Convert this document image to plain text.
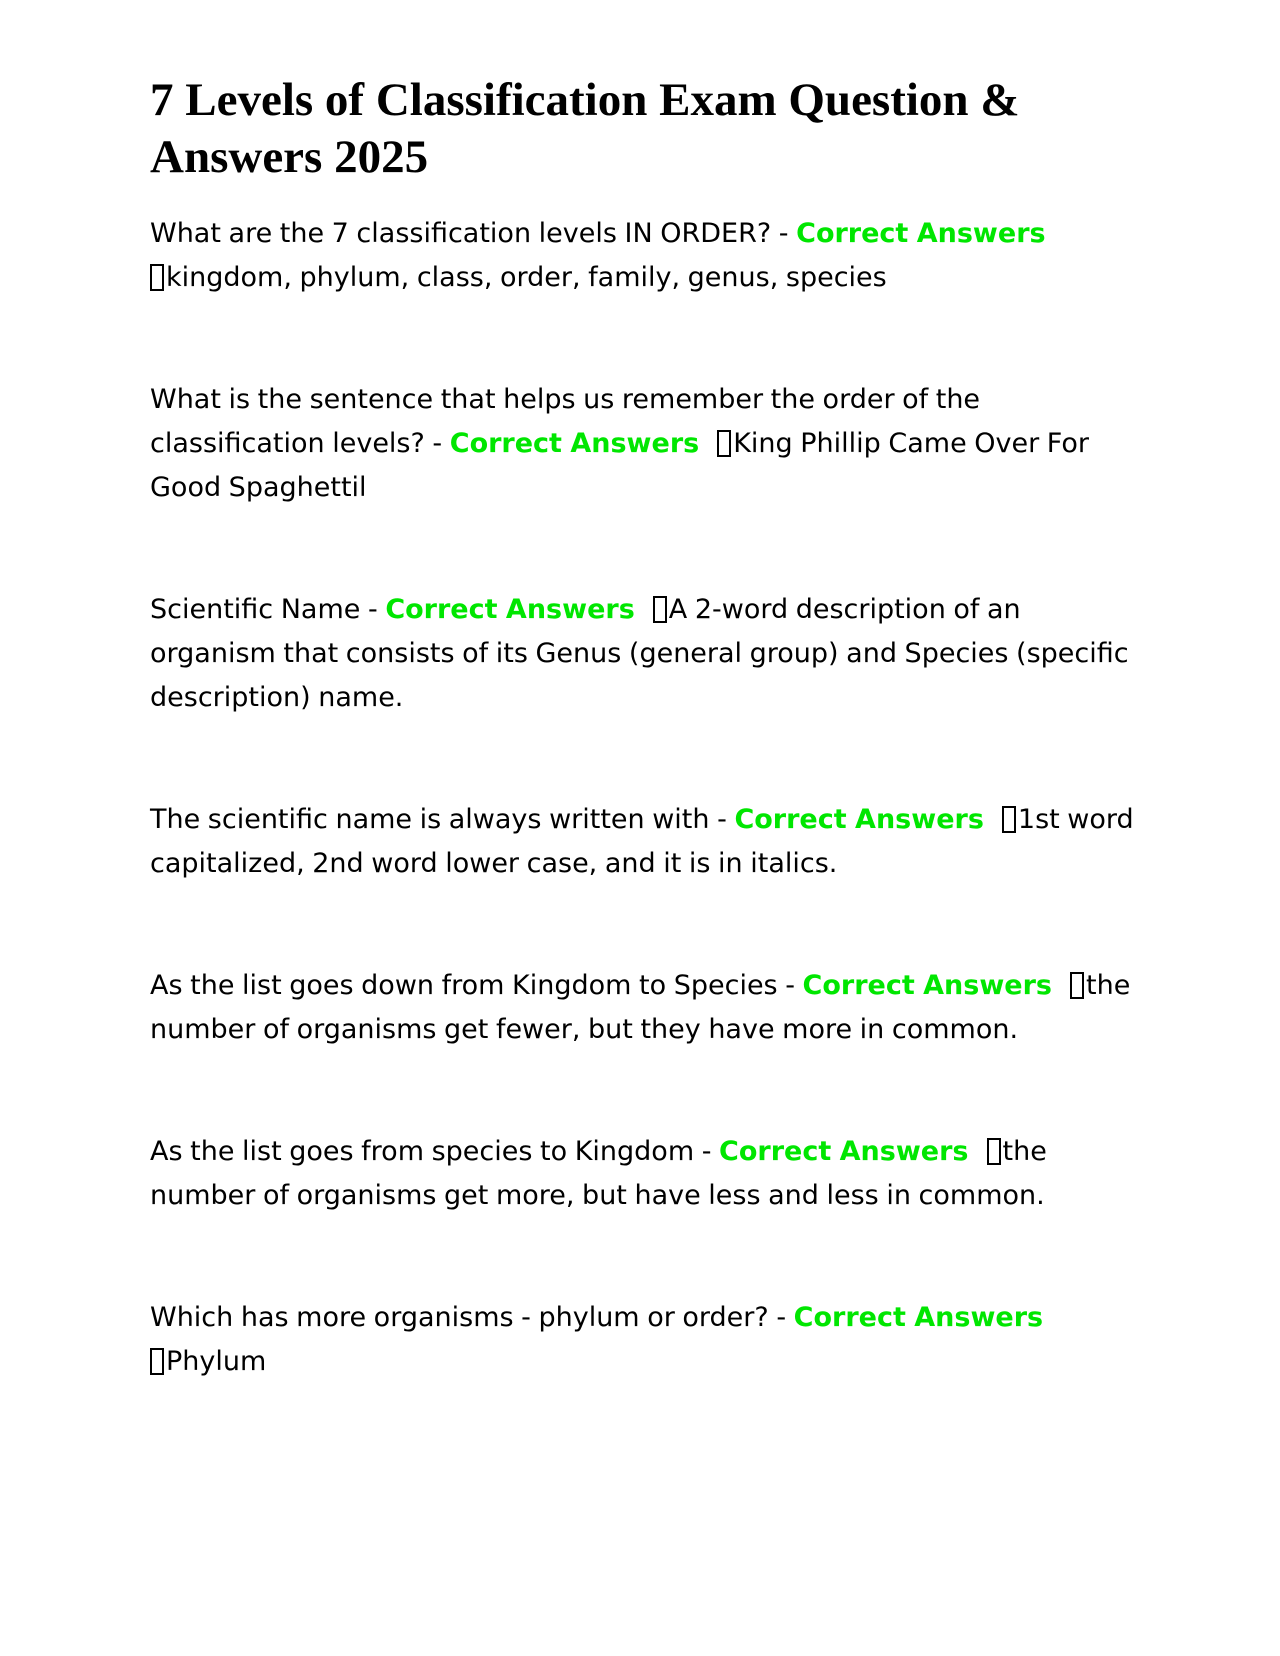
7 Levels of Classification Exam Question & Answers 2025

What are the 7 classification levels IN ORDER? - Correct Answers
kingdom, phylum, class, order, family, genus, species

What is the sentence that helps us remember the order of the classification levels? - Correct Answers King Phillip Came Over For Good Spaghettil

Scientific Name - Correct Answers A 2-word description of an organism that consists of its Genus (general group) and Species (specific description) name.

The scientific name is always written with - Correct Answers 1st word capitalized, 2nd word lower case, and it is in italics.

As the list goes down from Kingdom to Species - Correct Answers the number of organisms get fewer, but they have more in common.

As the list goes from species to Kingdom - Correct Answers the number of organisms get more, but have less and less in common.

Which has more organisms - phylum or order? - Correct Answers
Phylum
